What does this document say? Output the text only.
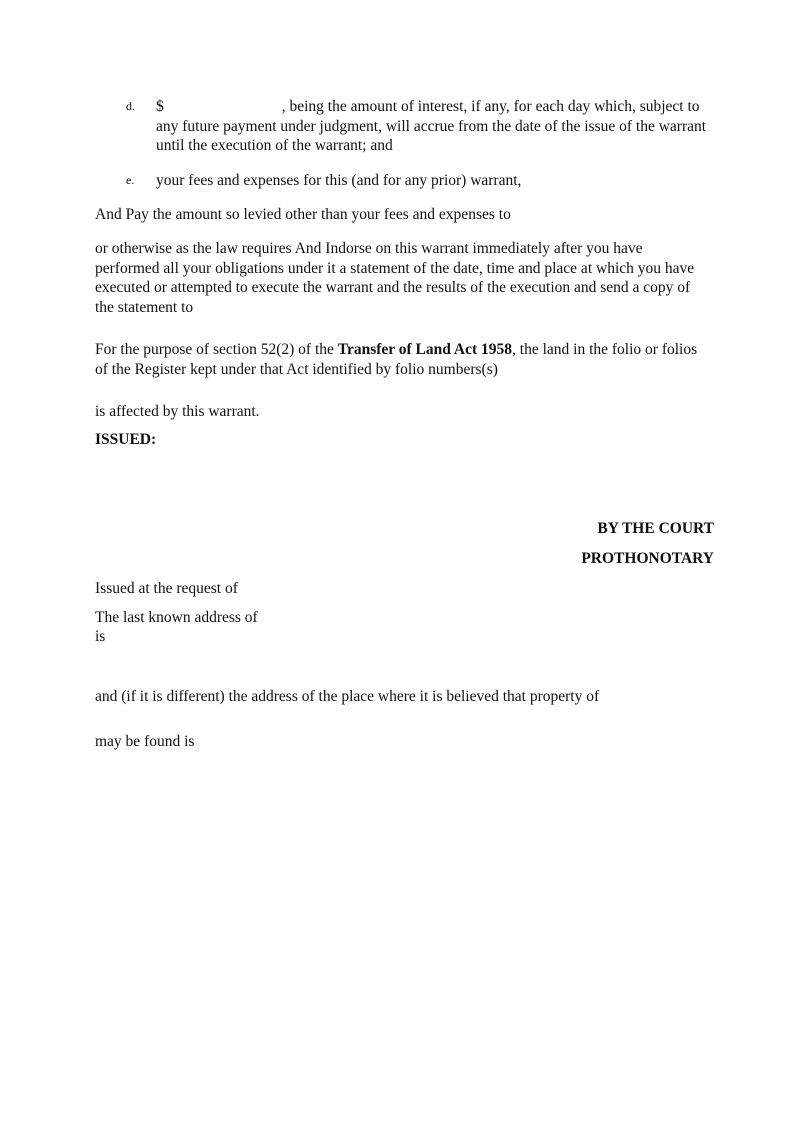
d. $	, being the amount of interest, if any, for each day which, subject to any future payment under judgment, will accrue from the date of the issue of the warrant until the execution of the warrant; and
e. your fees and expenses for this (and for any prior) warrant,
And Pay the amount so levied other than your fees and expenses to
or otherwise as the law requires And Indorse on this warrant immediately after you have performed all your obligations under it a statement of the date, time and place at which you have executed or attempted to execute the warrant and the results of the execution and send a copy of the statement to
For the purpose of section 52(2) of the Transfer of Land Act 1958, the land in the folio or folios of the Register kept under that Act identified by folio numbers(s)
is affected by this warrant.
ISSUED:
BY THE COURT
PROTHONOTARY
Issued at the request of
The last known address of
is
and (if it is different) the address of the place where it is believed that property of
may be found is
